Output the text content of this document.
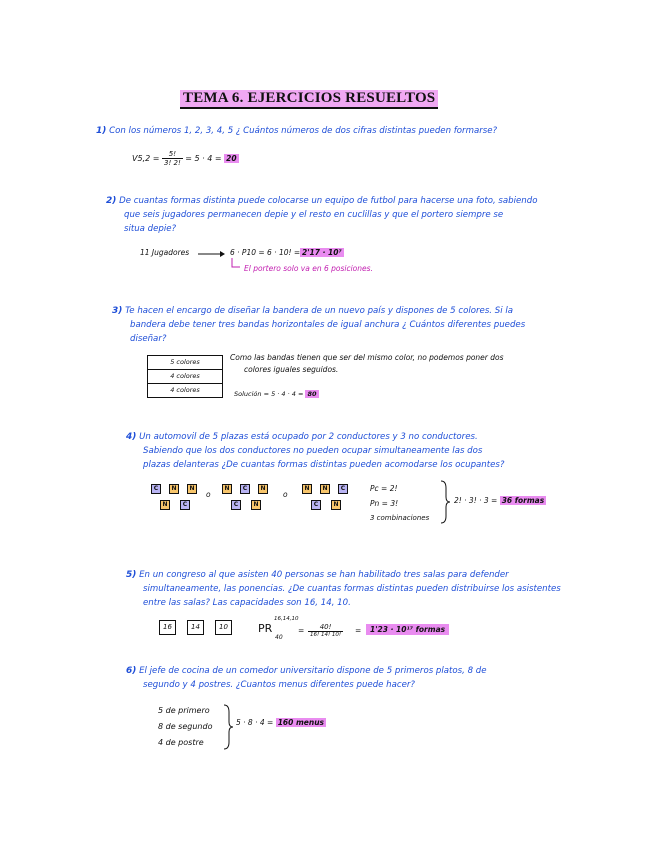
TEMA 6. EJERCICIOS RESUELTOS
1) Con los números 1, 2, 3, 4, 5 ¿ Cuántos números de dos cifras distintas pueden formarse?
$V5,2 = \frac{5!}{3! 2!} = 5 \cdot 4 = 20$
2) De cuantas formas distinta puede colocarse un equipo de futbol para hacerse una foto, sabiendo
que seis jugadores permanecen depie y el resto en cuclillas y que el portero siempre se
situa depie?
11 Jugadores	6 · P10 = 6 · 10! = 2'17 · 10⁷
El portero solo va en 6 posiciones.
3) Te hacen el encargo de diseñar la bandera de un nuevo país y dispones de 5 colores. Si la
bandera debe tener tres bandas horizontales de igual anchura ¿ Cuántos diferentes puedes
diseñar?
5 colores
4 colores
4 colores
Como las bandas tienen que ser del mismo color, no podemos poner dos
colores iguales seguidos.
Solución = 5 · 4 · 4 = 80
4) Un automovil de 5 plazas está ocupado por 2 conductores y 3 no conductores.
Sabiendo que los dos conductores no pueden ocupar simultaneamente las dos
plazas delanteras ¿De cuantas formas distintas pueden acomodarse los ocupantes?
C	N	N
N	C
o
N	C	N
C	N
o
N	N	C
C	N
Pc = 2!
Pn = 3!
3 combinaciones
2! · 3! · 3 = 36 formas
5) En un congreso al que asisten 40 personas se han habilitado tres salas para defender
simultaneamente, las ponencias. ¿De cuantas formas distintas pueden distribuirse los asistentes
entre las salas? Las capacidades son 16, 14, 10.
16	14	10	PR
16,14,10
40
= $\frac{40!}{16! 14! 10!}$ =	1'23 · 10¹⁷ formas
6) El jefe de cocina de un comedor universitario dispone de 5 primeros platos, 8 de
segundo y 4 postres. ¿Cuantos menus diferentes puede hacer?
5 de primero
8 de segundo
4 de postre
5 · 8 · 4 = 160 menus
